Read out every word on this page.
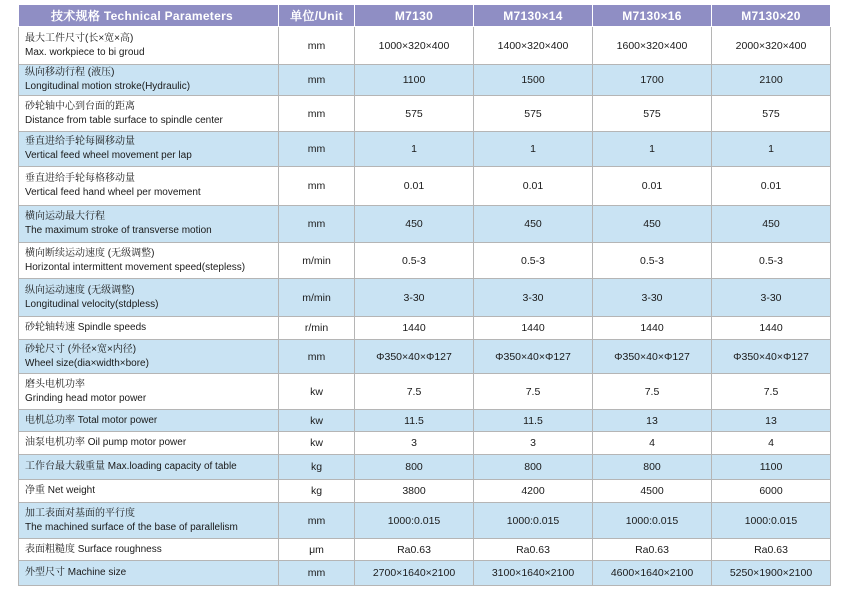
技术规格 Technical Parameters	单位/Unit	M7130	M7130×14	M7130×16	M7130×20

最大工件尺寸(长×宽×高)
Max. workpiece to bi groud	mm	1000×320×400	1400×320×400	1600×320×400	2000×320×400

纵向移动行程 (液压)
Longitudinal motion stroke(Hydraulic)	mm	1100	1500	1700	2100

砂轮轴中心到台面的距离
Distance from table surface to spindle center	mm	575	575	575	575

垂直进给手轮每圈移动量
Vertical feed wheel movement per lap	mm	1	1	1	1

垂直进给手轮每格移动量
Vertical feed hand wheel per movement	mm	0.01	0.01	0.01	0.01

横向运动最大行程
The maximum stroke of transverse motion	mm	450	450	450	450

横向断续运动速度 (无级调整)
Horizontal intermittent movement speed(stepless)	m/min	0.5-3	0.5-3	0.5-3	0.5-3

纵向运动速度 (无级调整)
Longitudinal velocity(stdpless)	m/min	3-30	3-30	3-30	3-30

砂轮轴转速 Spindle speeds	r/min	1440	1440	1440	1440

砂轮尺寸 (外径×宽×内径)
Wheel size(dia×width×bore)	mm	Φ350×40×Φ127	Φ350×40×Φ127	Φ350×40×Φ127	Φ350×40×Φ127

磨头电机功率
Grinding head motor power	kw	7.5	7.5	7.5	7.5

电机总功率 Total motor power	kw	11.5	11.5	13	13

油泵电机功率 Oil pump motor power	kw	3	3	4	4

工作台最大载重量 Max.loading capacity of table	kg	800	800	800	1100

净重 Net weight	kg	3800	4200	4500	6000

加工表面对基面的平行度
The machined surface of the base of parallelism	mm	1000:0.015	1000:0.015	1000:0.015	1000:0.015

表面粗糙度 Surface roughness	μm	Ra0.63	Ra0.63	Ra0.63	Ra0.63

外型尺寸 Machine size	mm	2700×1640×2100	3100×1640×2100	4600×1640×2100	5250×1900×2100
